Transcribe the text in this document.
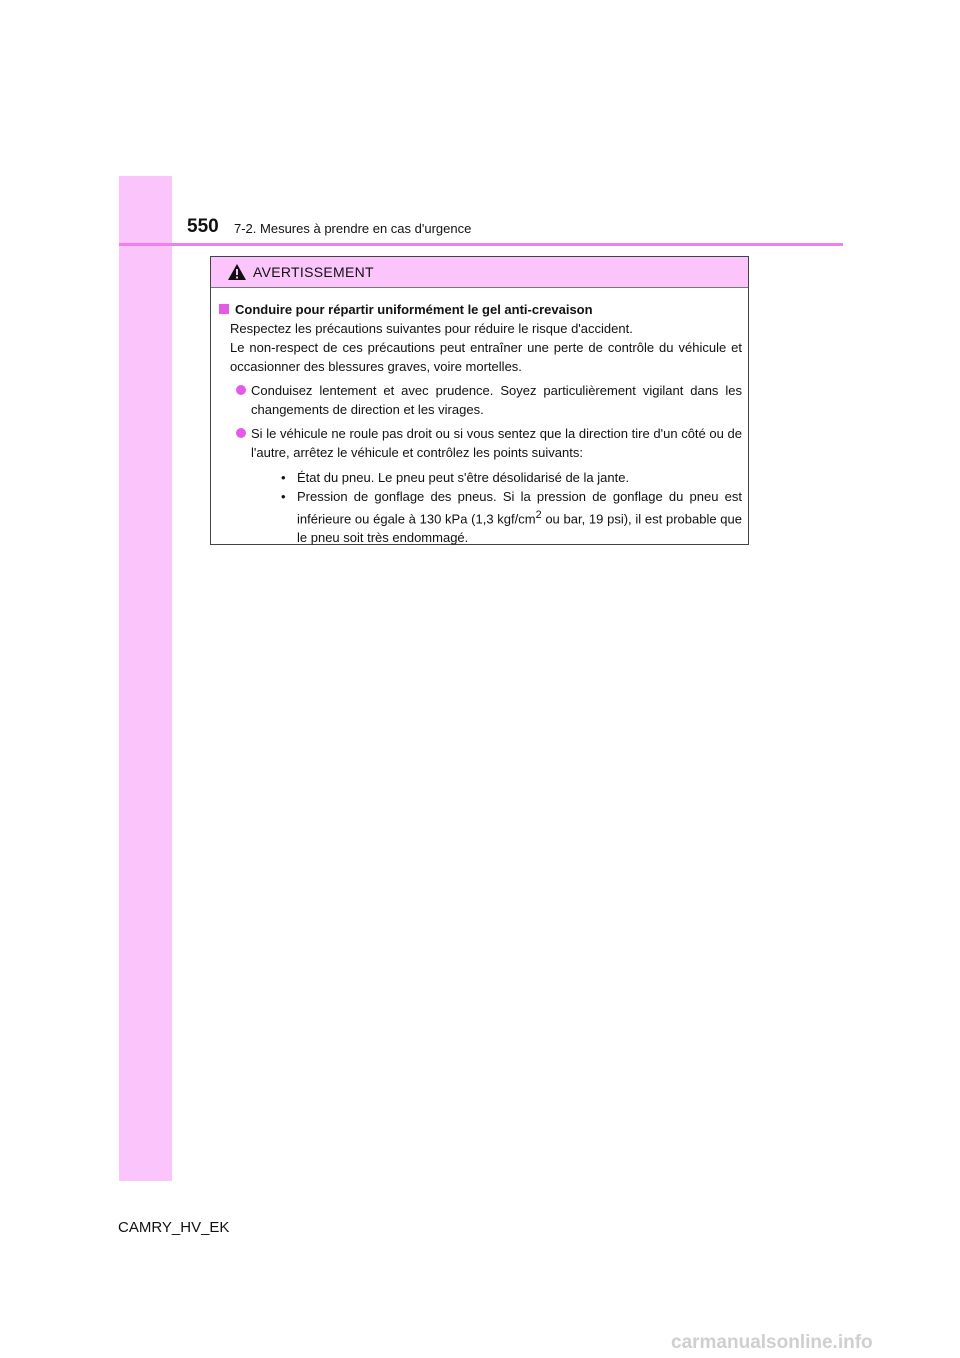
550 7-2. Mesures à prendre en cas d'urgence
AVERTISSEMENT
Conduire pour répartir uniformément le gel anti-crevaison

Respectez les précautions suivantes pour réduire le risque d'accident.

Le non-respect de ces précautions peut entraîner une perte de contrôle du véhicule et occasionner des blessures graves, voire mortelles.

Conduisez lentement et avec prudence. Soyez particulièrement vigilant dans les changements de direction et les virages.
Si le véhicule ne roule pas droit ou si vous sentez que la direction tire d'un côté ou de l'autre, arrêtez le véhicule et contrôlez les points suivants:
• État du pneu. Le pneu peut s'être désolidarisé de la jante.
• Pression de gonflage des pneus. Si la pression de gonflage du pneu est inférieure ou égale à 130 kPa (1,3 kgf/$cm^2$ ou bar, 19 psi), il est probable que le pneu soit très endommagé.
CAMRY_HV_EK
carmanualsonline.info
